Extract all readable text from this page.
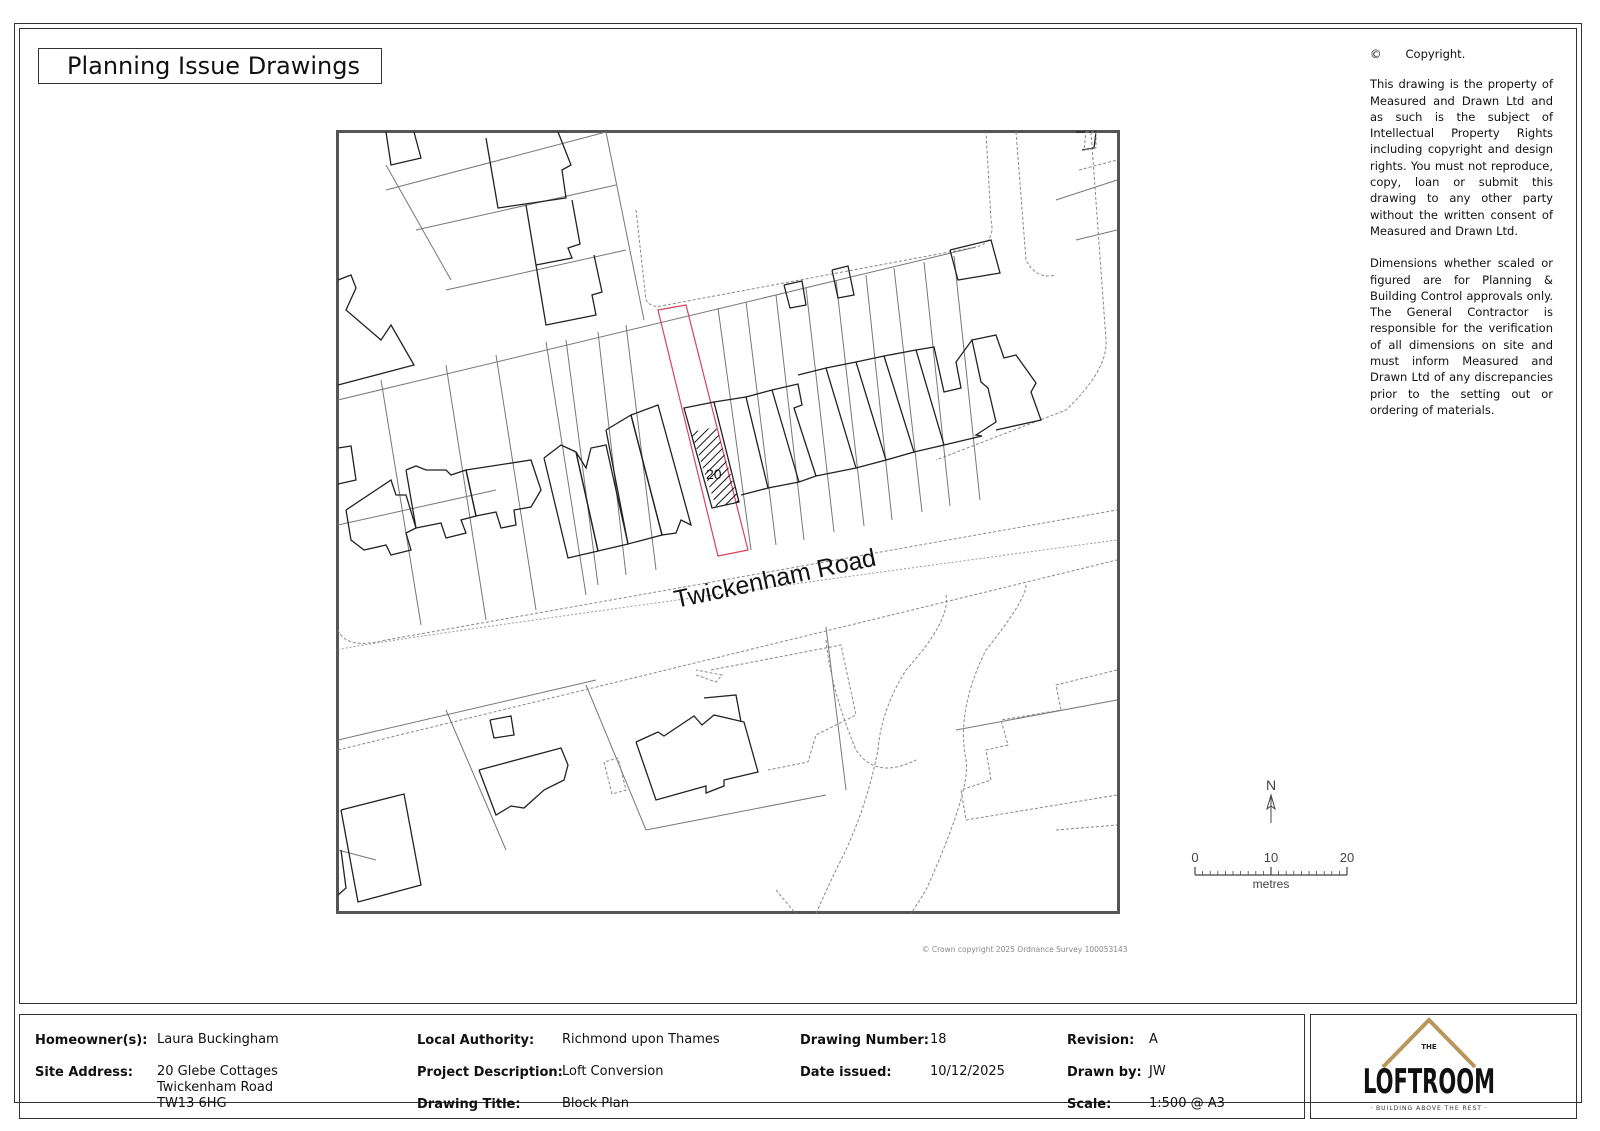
Planning Issue Drawings	© Copyright.

This drawing is the property of Measured and Drawn Ltd and as such is the subject of Intellectual Property Rights including copyright and design rights. You must not reproduce, copy, loan or submit this drawing to any other party without the written consent of Measured and Drawn Ltd.

Dimensions whether scaled or figured are for Planning & Building Control approvals only. The General Contractor is responsible for the verification of all dimensions on site and must inform Measured and Drawn Ltd of any discrepancies prior to the setting out or ordering of materials.

Twickenham Road
20
© Crown copyright 2025 Ordnance Survey 100053143
N
0	10	20
metres
Homeowner(s): Laura Buckingham
Site Address: 20 Glebe Cottages
Twickenham Road
TW13 6HG
Local Authority: Richmond upon Thames
Project Description: Loft Conversion
Drawing Title:	Block Plan
Drawing Number: 18
Date issued:	10/12/2025
Revision: A
Drawn by: JW
Scale:	1:500 @ A3
THE
LOFTROOM
· BUILDING ABOVE THE REST ·
